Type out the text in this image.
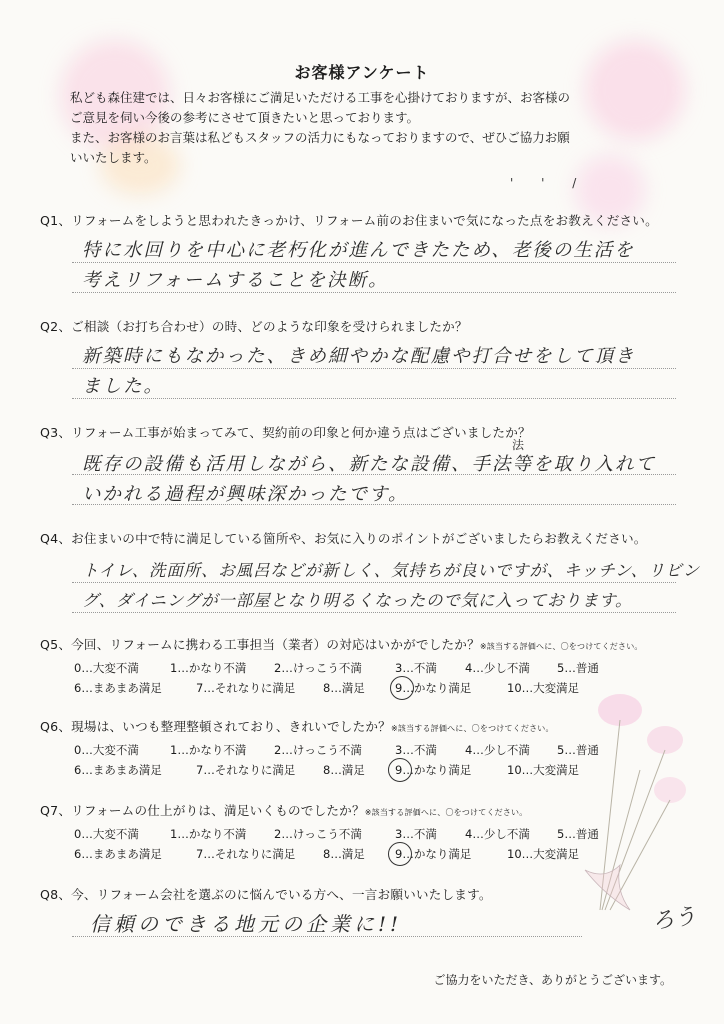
お客様アンケート
私ども森住建では、日々お客様にご満足いただける工事を心掛けておりますが、お客様の
ご意見を伺い今後の参考にさせて頂きたいと思っております。
また、お客様のお言葉は私どもスタッフの活力にもなっておりますので、ぜひご協力お願
いいたします。
' ' /
Q1、リフォームをしようと思われたきっかけ、リフォーム前のお住まいで気になった点をお教えください。
特に水回りを中心に老朽化が進んできたため、老後の生活を
考えリフォームすることを決断。
Q2、ご相談（お打ち合わせ）の時、どのような印象を受けられましたか？
新築時にもなかった、きめ細やかな配慮や打合せをして頂き
ました。
Q3、リフォーム工事が始まってみて、契約前の印象と何か違う点はございましたか？
法
既存の設備も活用しながら、新たな設備、手法等を取り入れて
いかれる過程が興味深かったです。
Q4、お住まいの中で特に満足している箇所や、お気に入りのポイントがございましたらお教えください。
トイレ、洗面所、お風呂などが新しく、気持ちが良いですが、キッチン、リビン
グ、ダイニングが一部屋となり明るくなったので気に入っております。
Q5、今回、リフォームに携わる工事担当（業者）の対応はいかがでしたか？※該当する評価へに、〇をつけてください。
0…大変不満	1…かなり不満 2…けっこう不満	3…不満 4…少し不満 5…普通
6…まあまあ満足	7…それなりに満足 8…満足	9…かなり満足	10…大変満足
Q6、現場は、いつも整理整頓されており、きれいでしたか？※該当する評価へに、〇をつけてください。
0…大変不満	1…かなり不満 2…けっこう不満	3…不満 4…少し不満 5…普通
6…まあまあ満足	7…それなりに満足 8…満足	9…かなり満足	10…大変満足
Q7、リフォームの仕上がりは、満足いくものでしたか？※該当する評価へに、〇をつけてください。
0…大変不満	1…かなり不満 2…けっこう不満	3…不満 4…少し不満 5…普通
6…まあまあ満足	7…それなりに満足 8…満足	9…かなり満足	10…大変満足
Q8、今、リフォーム会社を選ぶのに悩んでいる方へ、一言お願いいたします。
信頼のできる地元の企業に!!	ろう
ご協力をいただき、ありがとうございます。
